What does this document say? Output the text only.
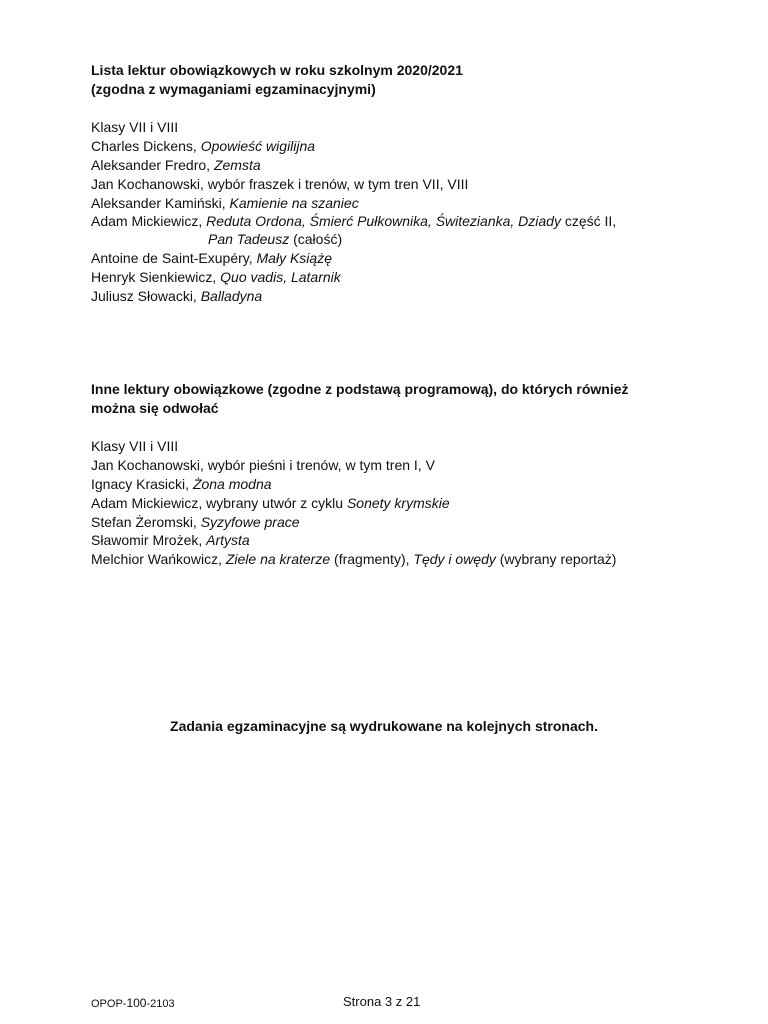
Lista lektur obowiązkowych w roku szkolnym 2020/2021
(zgodna z wymaganiami egzaminacyjnymi)
Klasy VII i VIII
Charles Dickens, Opowieść wigilijna
Aleksander Fredro, Zemsta
Jan Kochanowski, wybór fraszek i trenów, w tym tren VII, VIII
Aleksander Kamiński, Kamienie na szaniec
Adam Mickiewicz, Reduta Ordona, Śmierć Pułkownika, Świtezianka, Dziady część II,
Pan Tadeusz (całość)
Antoine de Saint-Exupéry, Mały Książę
Henryk Sienkiewicz, Quo vadis, Latarnik
Juliusz Słowacki, Balladyna
Inne lektury obowiązkowe (zgodne z podstawą programową), do których również
można się odwołać
Klasy VII i VIII
Jan Kochanowski, wybór pieśni i trenów, w tym tren I, V
Ignacy Krasicki, Żona modna
Adam Mickiewicz, wybrany utwór z cyklu Sonety krymskie
Stefan Żeromski, Syzyfowe prace
Sławomir Mrożek, Artysta
Melchior Wańkowicz, Ziele na kraterze (fragmenty), Tędy i owędy (wybrany reportaż)
Zadania egzaminacyjne są wydrukowane na kolejnych stronach.
OPOP-100-2103	Strona 3 z 21
